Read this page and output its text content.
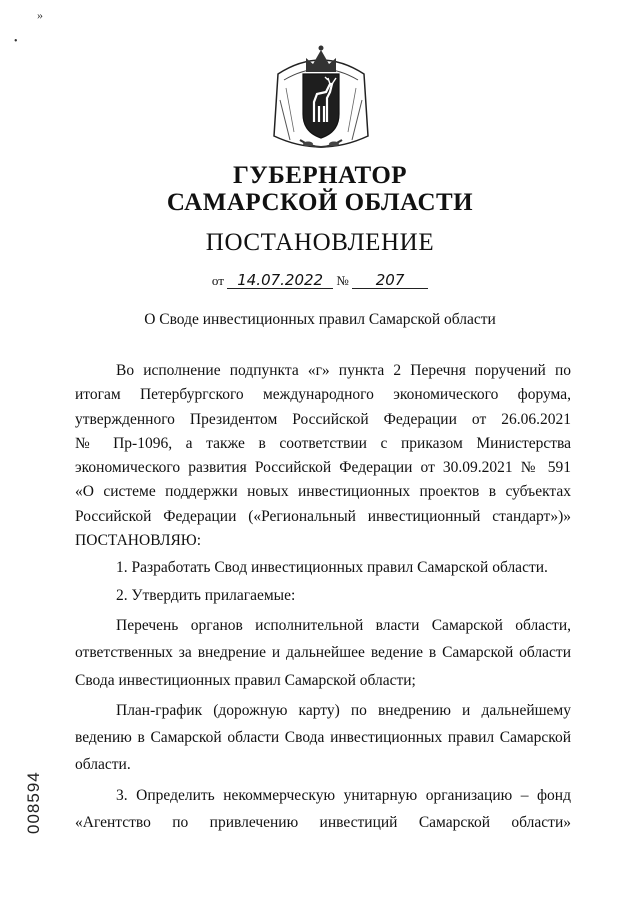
»
•
ГУБЕРНАТОР
САМАРСКОЙ ОБЛАСТИ
ПОСТАНОВЛЕНИЕ
от 14.07.2022 № 207
О Своде инвестиционных правил Самарской области

Во исполнение подпункта «г» пункта 2 Перечня поручений по

итогам Петербургского международного экономического форума,

утвержденного Президентом Российской Федерации от 26.06.2021

№ Пр-1096, а также в соответствии с приказом Министерства

экономического развития Российской Федерации от 30.09.2021 № 591

«О системе поддержки новых инвестиционных проектов в субъектах

Российской Федерации («Региональный инвестиционный стандарт»)»

ПОСТАНОВЛЯЮ:

1. Разработать Свод инвестиционных правил Самарской области.

2. Утвердить прилагаемые:

Перечень органов исполнительной власти Самарской области,

ответственных за внедрение и дальнейшее ведение в Самарской области

Свода инвестиционных правил Самарской области;

План-график (дорожную карту) по внедрению и дальнейшему

ведению в Самарской области Свода инвестиционных правил Самарской

области.

3. Определить некоммерческую унитарную организацию – фонд

«Агентство по привлечению инвестиций Самарской области»

008594
